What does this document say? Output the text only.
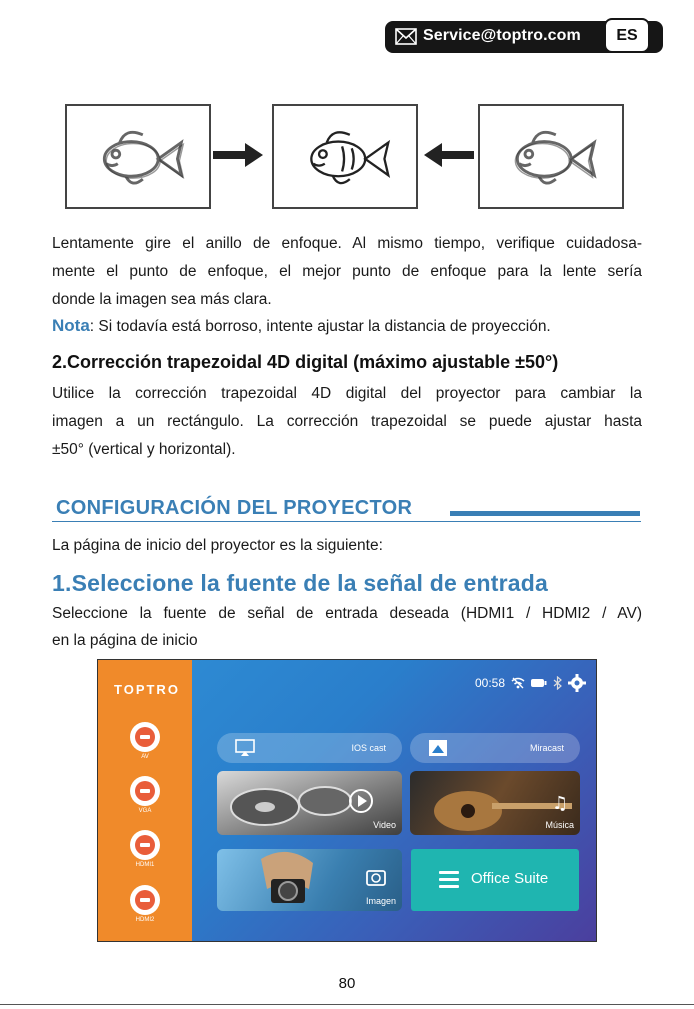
Service@toptro.com	ES
Lentamente gire el anillo de enfoque. Al mismo tiempo, verifique cuidadosa-
mente el punto de enfoque, el mejor punto de enfoque para la lente sería
donde la imagen sea más clara.
Nota: Si todavía está borroso, intente ajustar la distancia de proyección.
2.Corrección trapezoidal 4D digital (máximo ajustable ±50°)
Utilice la corrección trapezoidal 4D digital del proyector para cambiar la
imagen a un rectángulo. La corrección trapezoidal se puede ajustar hasta
±50° (vertical y horizontal).
CONFIGURACIÓN DEL PROYECTOR
La página de inicio del proyector es la siguiente:
1.Seleccione la fuente de la señal de entrada
Seleccione la fuente de señal de entrada deseada (HDMI1 / HDMI2 / AV)
en la página de inicio
TOPTRO
AV
VGA
HDMI1
HDMI2
00:58
IOS cast	Miracast
Video
♫
Música
Imagen
Office Suite
80
